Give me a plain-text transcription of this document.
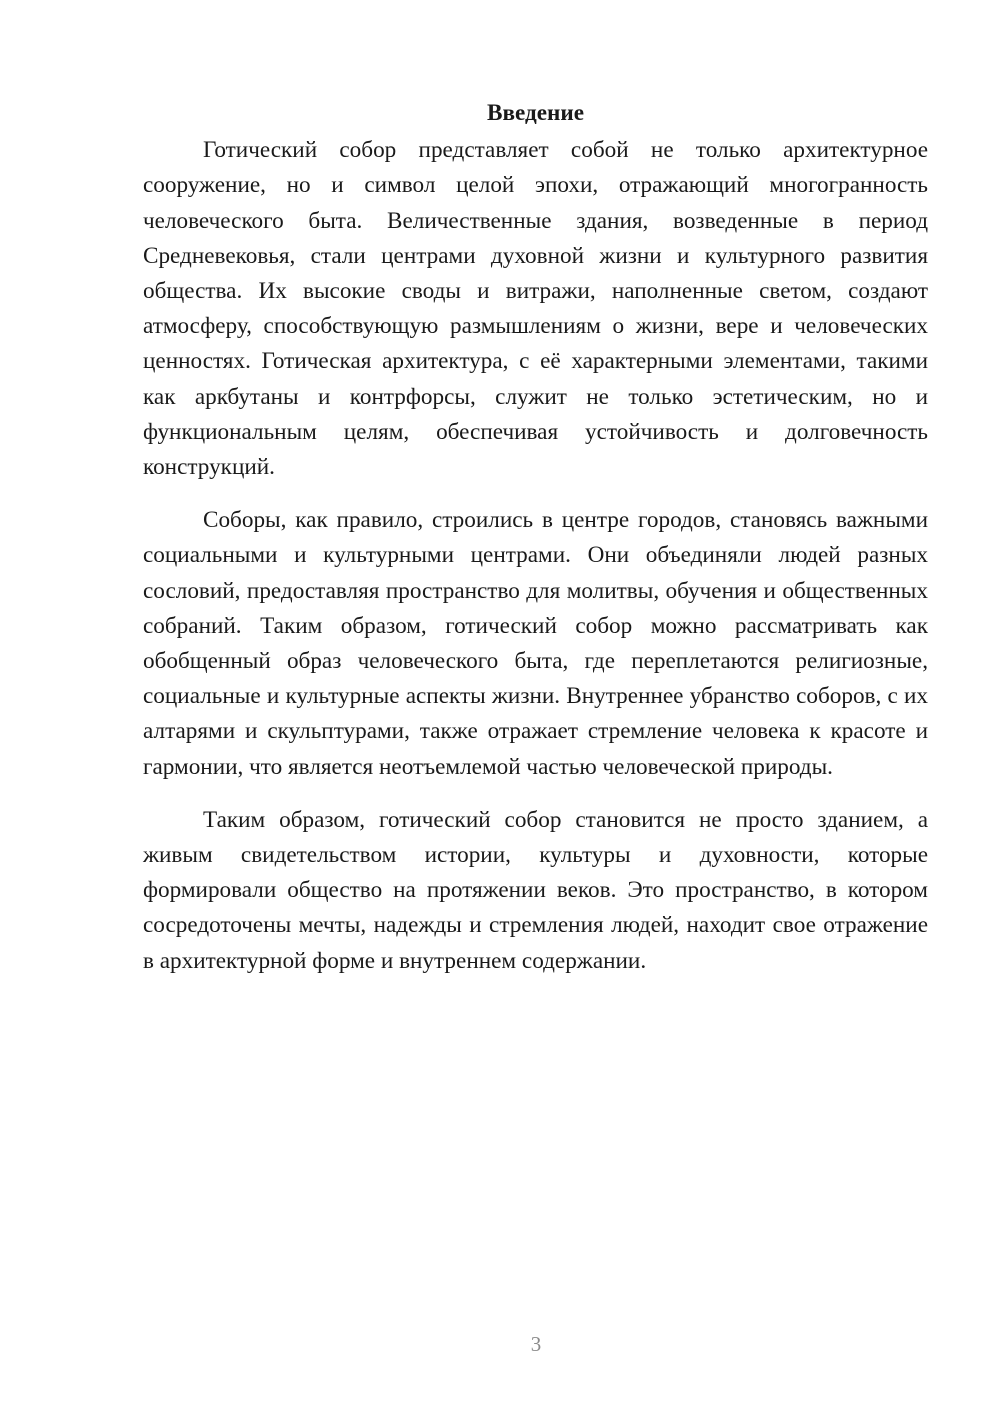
Введение

Готический собор представляет собой не только архитектурное сооружение, но и символ целой эпохи, отражающий многогранность человеческого быта. Величественные здания, возведенные в период Средневековья, стали центрами духовной жизни и культурного развития общества. Их высокие своды и витражи, наполненные светом, создают атмосферу, способствующую размышлениям о жизни, вере и человеческих ценностях. Готическая архитектура, с её характерными элементами, такими как аркбутаны и контрфорсы, служит не только эстетическим, но и функциональным целям, обеспечивая устойчивость и долговечность конструкций.

Соборы, как правило, строились в центре городов, становясь важными социальными и культурными центрами. Они объединяли людей разных сословий, предоставляя пространство для молитвы, обучения и общественных собраний. Таким образом, готический собор можно рассматривать как обобщенный образ человеческого быта, где переплетаются религиозные, социальные и культурные аспекты жизни. Внутреннее убранство соборов, с их алтарями и скульптурами, также отражает стремление человека к красоте и гармонии, что является неотъемлемой частью человеческой природы.

Таким образом, готический собор становится не просто зданием, а живым свидетельством истории, культуры и духовности, которые формировали общество на протяжении веков. Это пространство, в котором сосредоточены мечты, надежды и стремления людей, находит свое отражение в архитектурной форме и внутреннем содержании.

3
